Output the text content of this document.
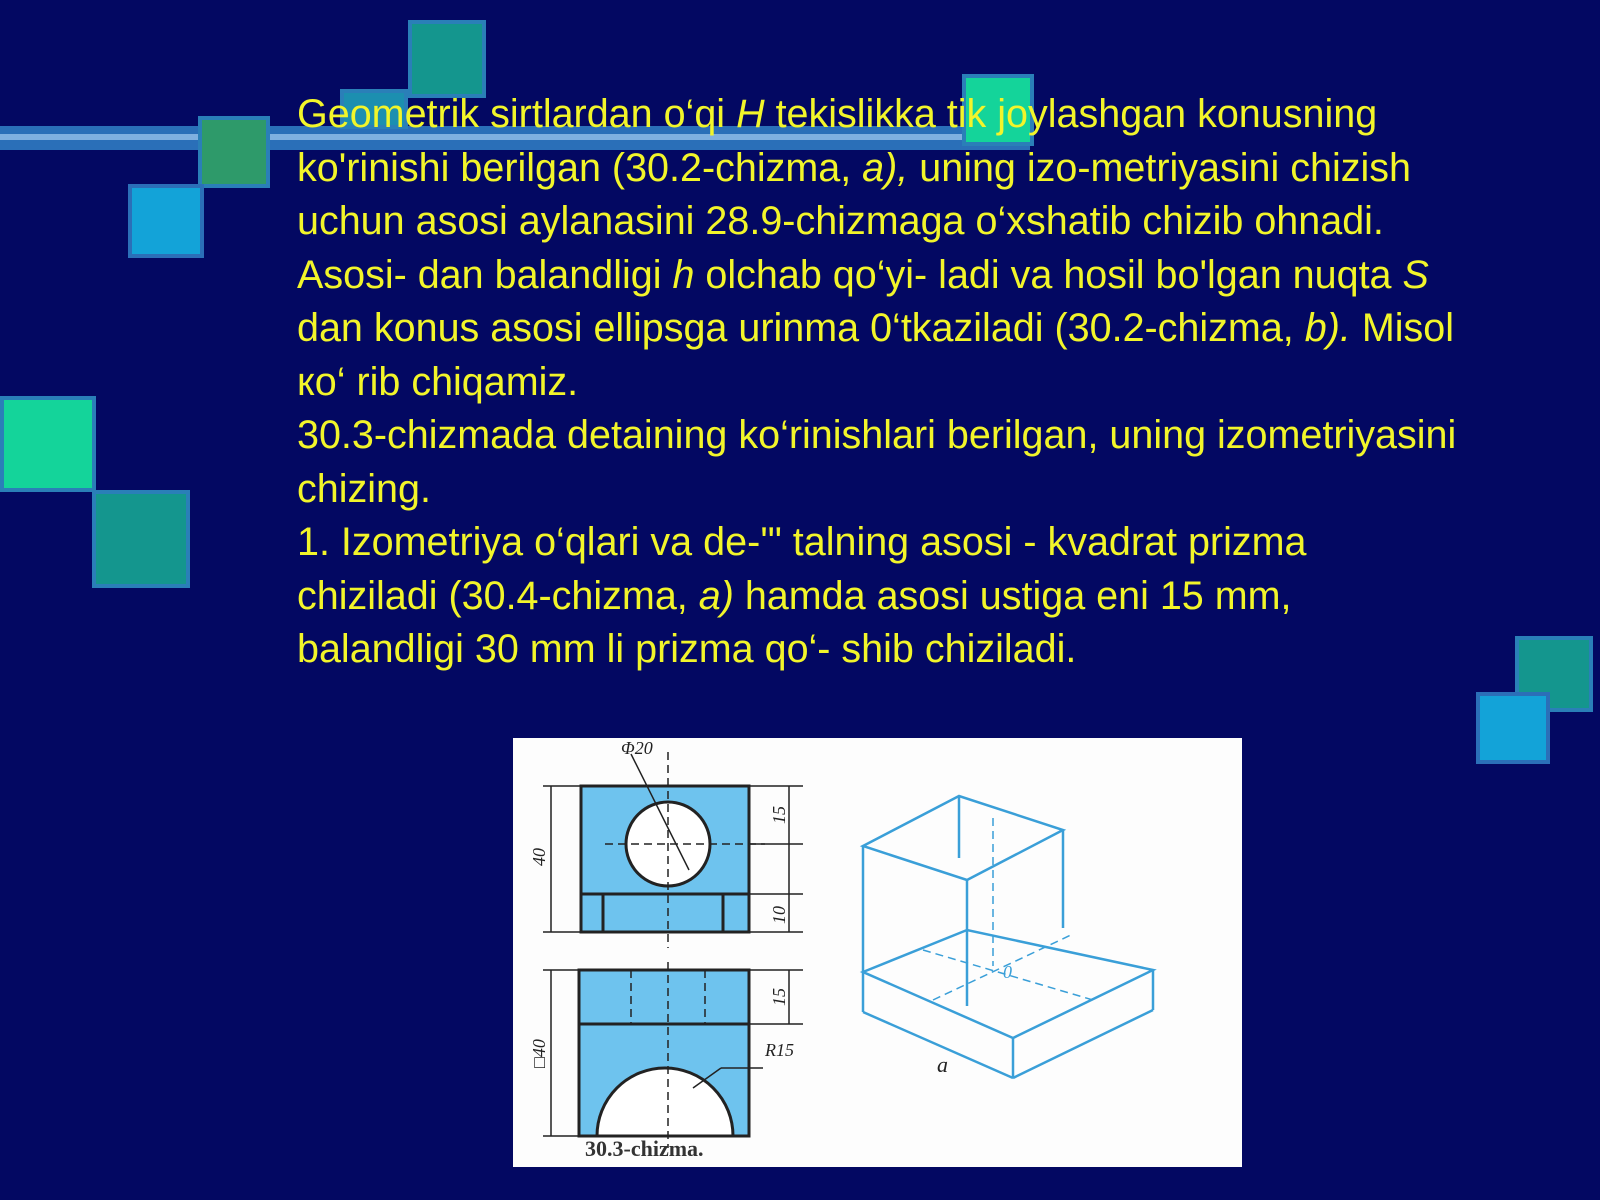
Geometrik sirtlardan o‘qi H tekislikka tik joylashgan konusning ko'rinishi berilgan (30.2-chizma, a), uning izo-metriyasini chizish uchun asosi aylanasini 28.9-chizmaga o‘xshatib chizib ohnadi. Asosi- dan balandligi h olchab qo‘yi- ladi va hosil bo'lgan nuqta S dan konus asosi ellipsga urinma 0‘tkaziladi (30.2-chizma, b). Misol ко‘ rib chiqamiz.

30.3-chizmada detaining ko‘rinishlari berilgan, uning izometriyasini chizing.

1. Izometriya o‘qlari va de-'" talning asosi - kvadrat prizma chiziladi (30.4-chizma, a) hamda asosi ustiga eni 15 mm, balandligi 30 mm li prizma qo‘- shib chiziladi.

Φ20
40
15
10
15
□40	R15
0
a
30.3-chizma.
